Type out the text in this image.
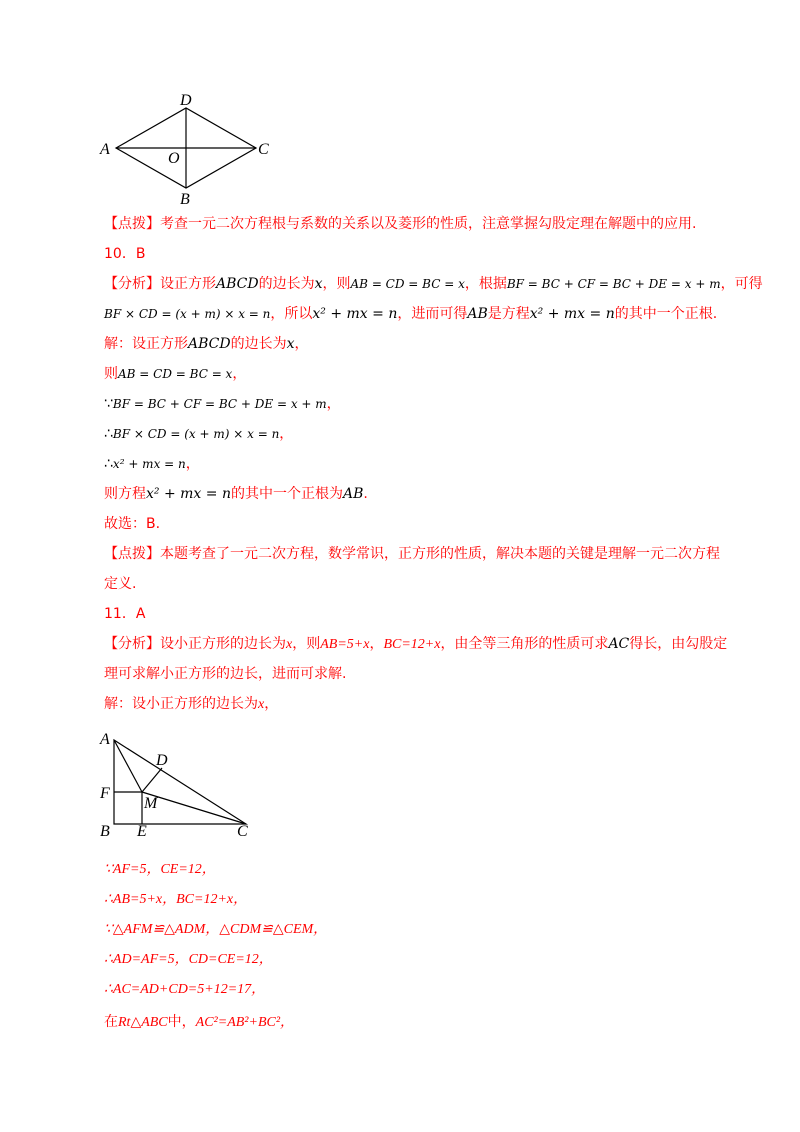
D
A	C
O
B
【点拨】考查一元二次方程根与系数的关系以及菱形的性质，注意掌握勾股定理在解题中的应用.
10．B
【分析】设正方形ABCD的边长为x，则AB = CD = BC = x，根据BF = BC + CF = BC + DE = x + m，可得
BF × CD = (x + m) × x = n，所以x² + mx = n，进而可得AB是方程x² + mx = n的其中一个正根.
解：设正方形ABCD的边长为x，
则AB = CD = BC = x，
∵BF = BC + CF = BC + DE = x + m，
∴BF × CD = (x + m) × x = n，
∴x² + mx = n，
则方程x² + mx = n的其中一个正根为AB.
故选：B.
【点拨】本题考查了一元二次方程，数学常识，正方形的性质，解决本题的关键是理解一元二次方程
定义.
11．A
【分析】设小正方形的边长为x，则AB=5+x，BC=12+x，由全等三角形的性质可求AC得长，由勾股定
理可求解小正方形的边长，进而可求解.
解：设小正方形的边长为x，
A
D
F
M
B E	C
∵AF=5，CE=12，
∴AB=5+x，BC=12+x，
∵△AFM≌△ADM，△CDM≌△CEM，
∴AD=AF=5，CD=CE=12，
∴AC=AD+CD=5+12=17，
在Rt△ABC中，AC²=AB²+BC²，
